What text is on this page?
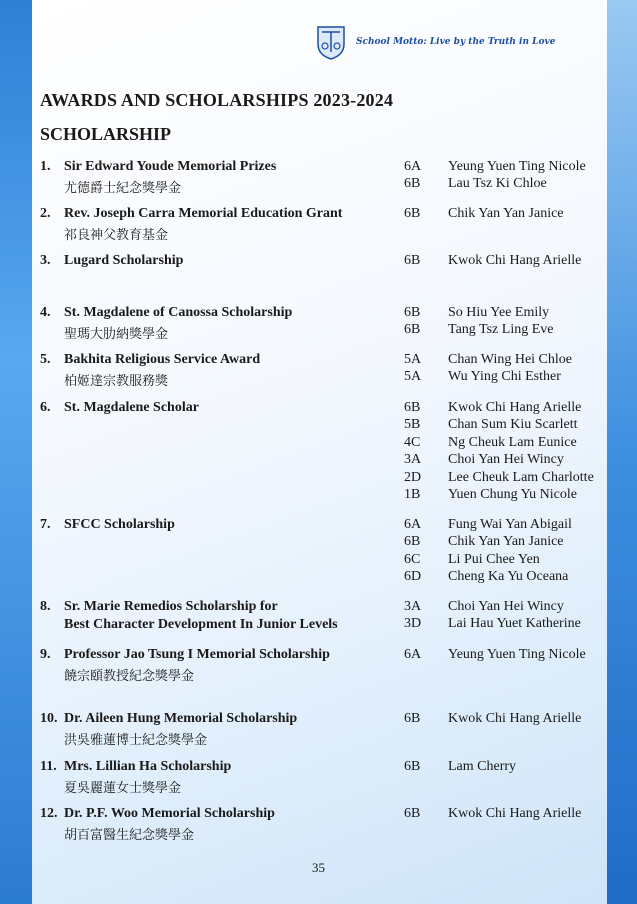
School Motto: Live by the Truth in Love
AWARDS AND SCHOLARSHIPS 2023-2024
SCHOLARSHIP
1. Sir Edward Youde Memorial Prizes
尤德爵士紀念獎學金
6A Yeung Yuen Ting Nicole
6B Lau Tsz Ki Chloe
2. Rev. Joseph Carra Memorial Education Grant
祁良神父教育基金
6B Chik Yan Yan Janice
3. Lugard Scholarship	6B Kwok Chi Hang Arielle
4. St. Magdalene of Canossa Scholarship
聖瑪大肋納獎學金
6B So Hiu Yee Emily
6B Tang Tsz Ling Eve
5. Bakhita Religious Service Award
柏姬達宗教服務獎
5A Chan Wing Hei Chloe
5A Wu Ying Chi Esther
6. St. Magdalene Scholar	6B Kwok Chi Hang Arielle
5B Chan Sum Kiu Scarlett
4C Ng Cheuk Lam Eunice
3A Choi Yan Hei Wincy
2D Lee Cheuk Lam Charlotte
1B Yuen Chung Yu Nicole
7. SFCC Scholarship	6A Fung Wai Yan Abigail
6B Chik Yan Yan Janice
6C Li Pui Chee Yen
6D Cheng Ka Yu Oceana
8. Sr. Marie Remedios Scholarship for
Best Character Development In Junior Levels
3A Choi Yan Hei Wincy
3D Lai Hau Yuet Katherine
9. Professor Jao Tsung I Memorial Scholarship
饒宗頤教授紀念獎學金
6A Yeung Yuen Ting Nicole
10. Dr. Aileen Hung Memorial Scholarship
洪吳雅蓮博士紀念獎學金
6B Kwok Chi Hang Arielle
11. Mrs. Lillian Ha Scholarship
夏吳麗蓮女士獎學金
6B Lam Cherry
12. Dr. P.F. Woo Memorial Scholarship
胡百富醫生紀念獎學金
6B Kwok Chi Hang Arielle
35
